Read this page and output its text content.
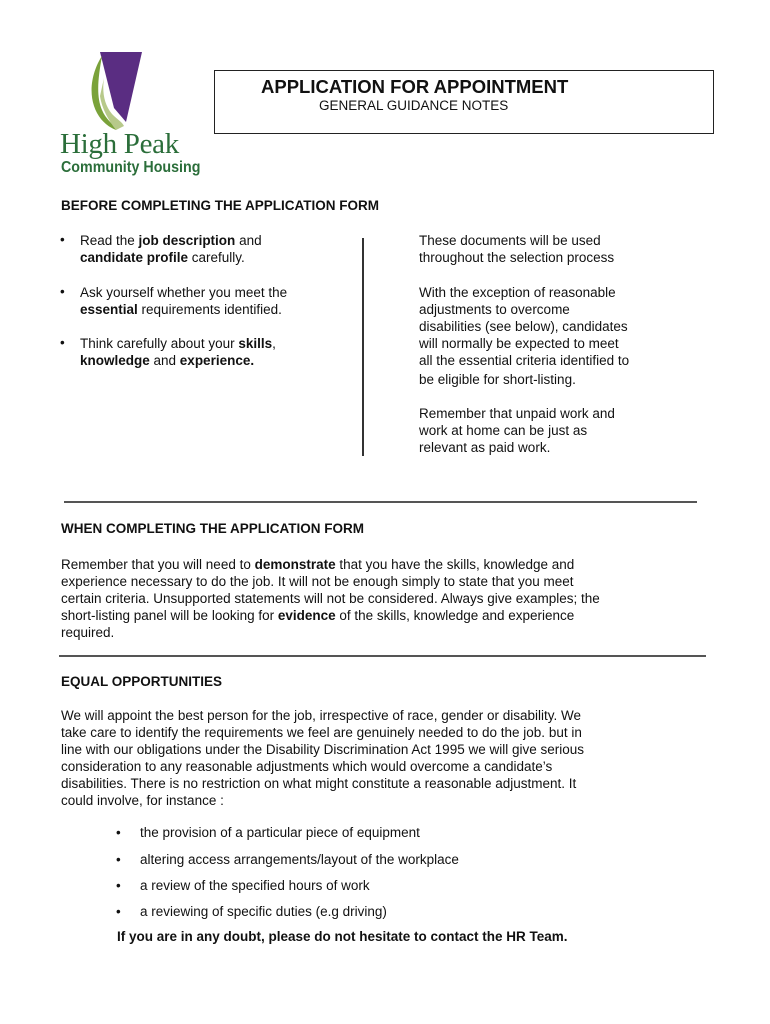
High Peak
Community Housing
APPLICATION FOR APPOINTMENT
GENERAL GUIDANCE NOTES
BEFORE COMPLETING THE APPLICATION FORM
• Read the job description and
candidate profile carefully.
• Ask yourself whether you meet the
essential requirements identified.
• Think carefully about your skills,
knowledge and experience.
These documents will be used
throughout the selection process
With the exception of reasonable
adjustments to overcome
disabilities (see below), candidates
will normally be expected to meet
all the essential criteria identified to
be eligible for short-listing.
Remember that unpaid work and
work at home can be just as
relevant as paid work.
WHEN COMPLETING THE APPLICATION FORM
Remember that you will need to demonstrate that you have the skills, knowledge and
experience necessary to do the job. It will not be enough simply to state that you meet
certain criteria. Unsupported statements will not be considered. Always give examples; the
short-listing panel will be looking for evidence of the skills, knowledge and experience
required.
EQUAL OPPORTUNITIES
We will appoint the best person for the job, irrespective of race, gender or disability. We
take care to identify the requirements we feel are genuinely needed to do the job. but in
line with our obligations under the Disability Discrimination Act 1995 we will give serious
consideration to any reasonable adjustments which would overcome a candidate’s
disabilities. There is no restriction on what might constitute a reasonable adjustment. It
could involve, for instance :
• the provision of a particular piece of equipment
• altering access arrangements/layout of the workplace
• a review of the specified hours of work
• a reviewing of specific duties (e.g driving)
If you are in any doubt, please do not hesitate to contact the HR Team.
